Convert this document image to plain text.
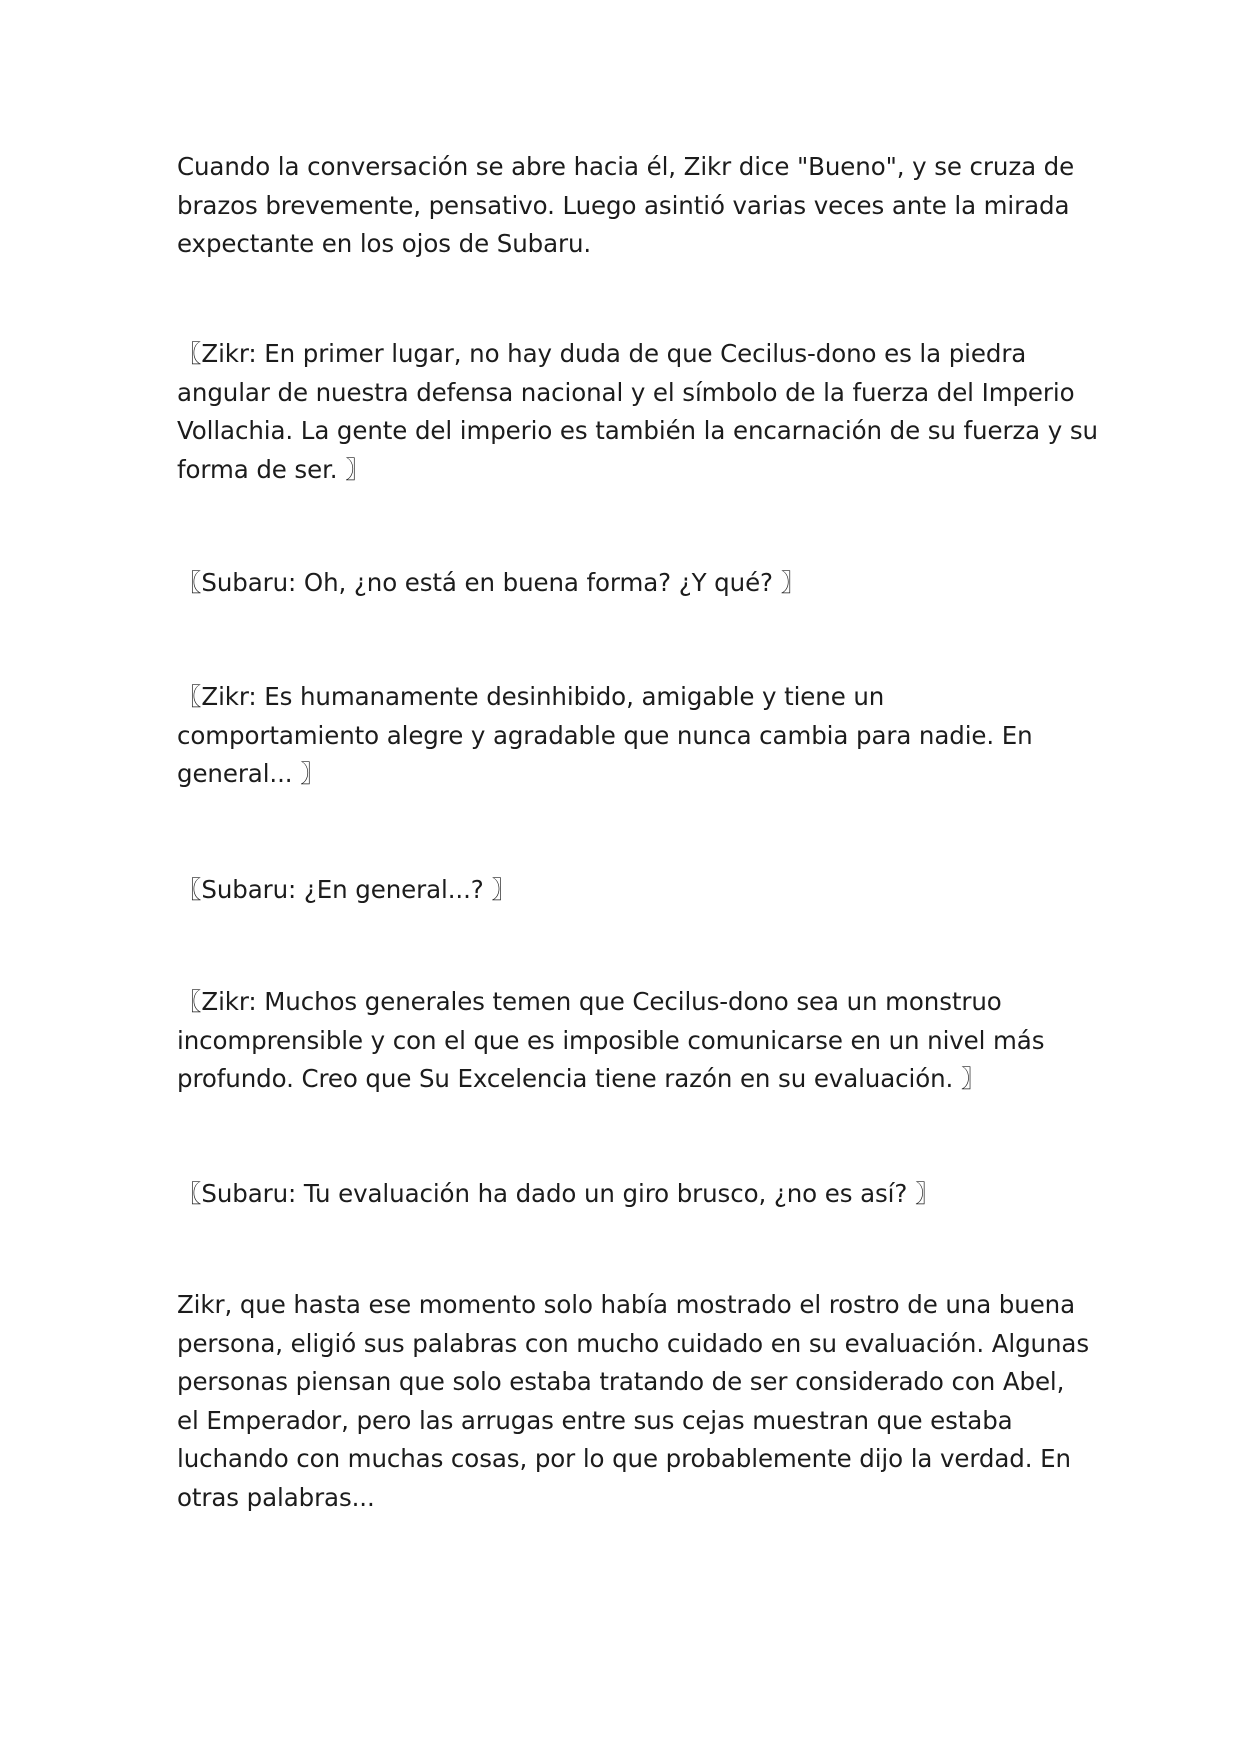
Cuando la conversación se abre hacia él, Zikr dice "Bueno", y se cruza de
brazos brevemente, pensativo. Luego asintió varias veces ante la mirada
expectante en los ojos de Subaru.

〖Zikr: En primer lugar, no hay duda de que Cecilus-dono es la piedra
angular de nuestra defensa nacional y el símbolo de la fuerza del Imperio
Vollachia. La gente del imperio es también la encarnación de su fuerza y su
forma de ser. 〗

〖Subaru: Oh, ¿no está en buena forma? ¿Y qué? 〗

〖Zikr: Es humanamente desinhibido, amigable y tiene un
comportamiento alegre y agradable que nunca cambia para nadie. En
general... 〗

〖Subaru: ¿En general...? 〗

〖Zikr: Muchos generales temen que Cecilus-dono sea un monstruo
incomprensible y con el que es imposible comunicarse en un nivel más
profundo. Creo que Su Excelencia tiene razón en su evaluación. 〗

〖Subaru: Tu evaluación ha dado un giro brusco, ¿no es así? 〗

Zikr, que hasta ese momento solo había mostrado el rostro de una buena
persona, eligió sus palabras con mucho cuidado en su evaluación. Algunas
personas piensan que solo estaba tratando de ser considerado con Abel,
el Emperador, pero las arrugas entre sus cejas muestran que estaba
luchando con muchas cosas, por lo que probablemente dijo la verdad. En
otras palabras...
